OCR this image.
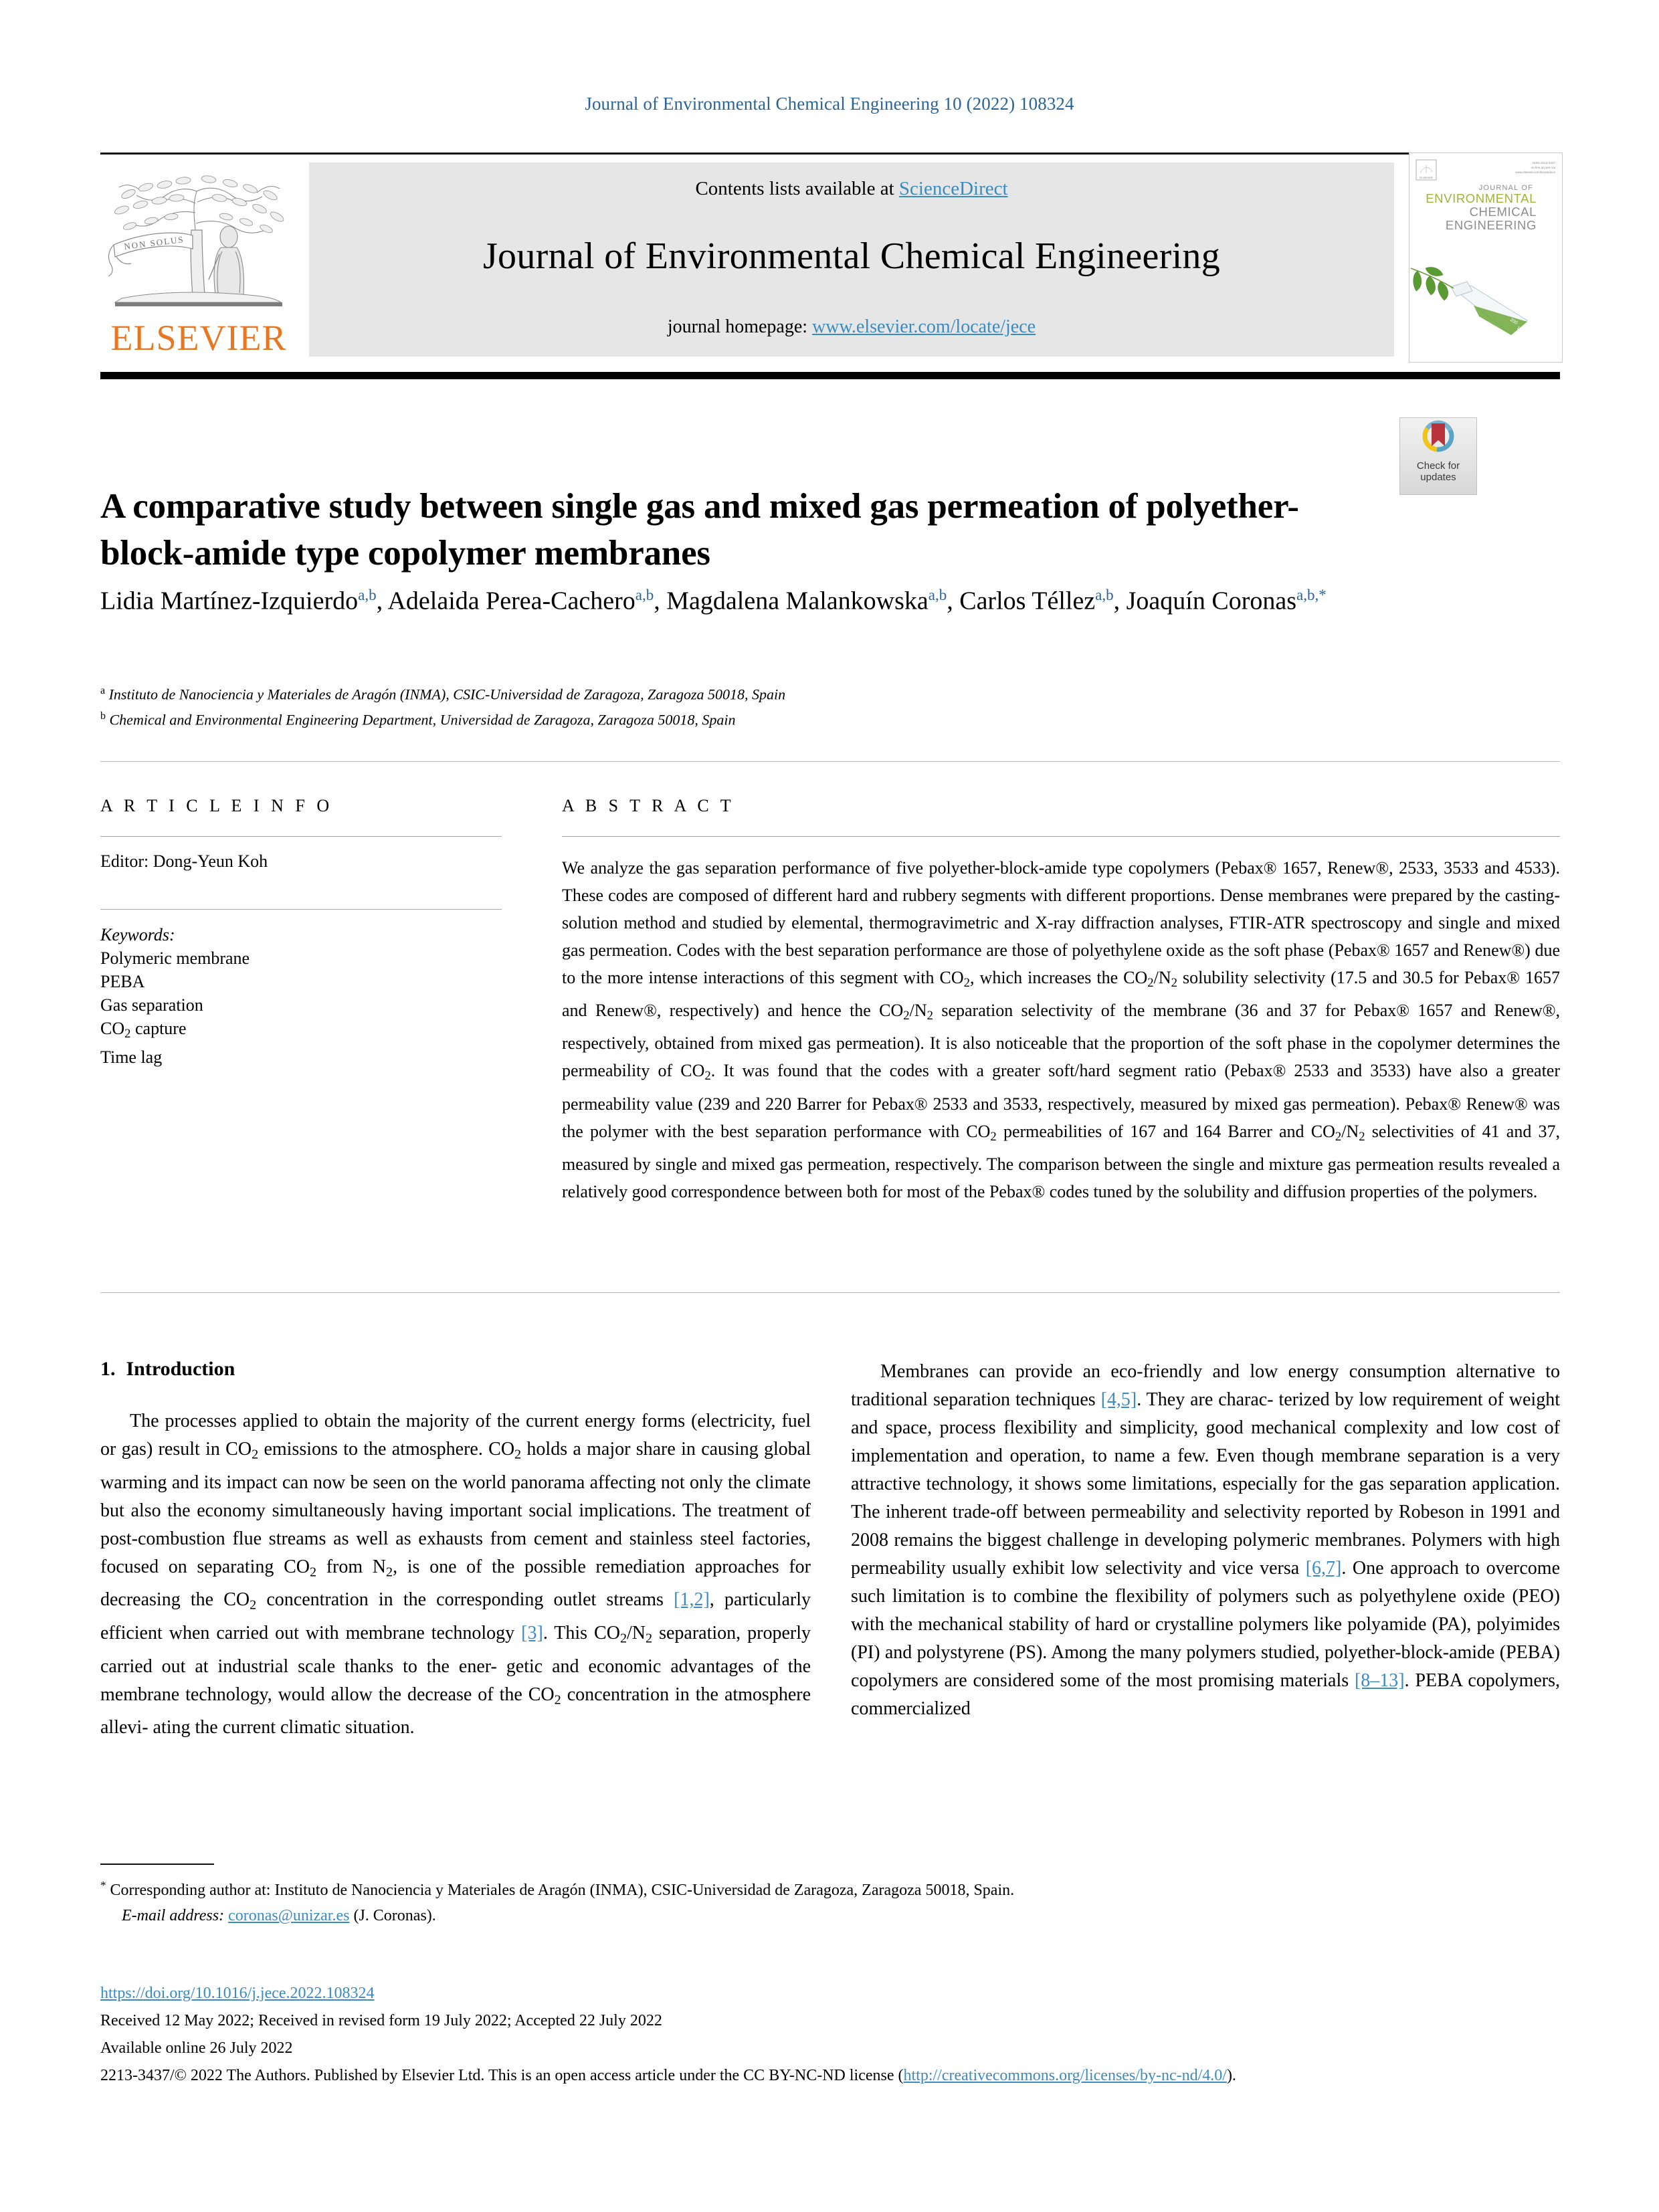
Journal of Environmental Chemical Engineering 10 (2022) 108324
NON SOLUS
ELSEVIER
Contents lists available at ScienceDirect
Journal of Environmental Chemical Engineering
journal homepage: www.elsevier.com/locate/jece
ELSEVIER
ISSN 2213-3437
on-line access via
www.elsevier.com/locate/jece
JOURNAL OF
ENVIRONMENTAL
CHEMICAL
ENGINEERING
200
150
Check for
updates
A comparative study between single gas and mixed gas permeation of polyether-block-amide type copolymer membranes
Lidia Martínez-Izquierdo$^{a,b}$, Adelaida Perea-Cachero$^{a,b}$, Magdalena Malankowska$^{a,b}$, Carlos Téllez$^{a,b}$, Joaquín Coronas$^{a,b,*}$
$^a$ Instituto de Nanociencia y Materiales de Aragón (INMA), CSIC-Universidad de Zaragoza, Zaragoza 50018, Spain
$^b$ Chemical and Environmental Engineering Department, Universidad de Zaragoza, Zaragoza 50018, Spain
A R T I C L E I N F O
Editor: Dong-Yeun Koh
Keywords:
Polymeric membrane
PEBA
Gas separation
$CO_2$ capture
Time lag
A B S T R A C T
We analyze the gas separation performance of five polyether-block-amide type copolymers (Pebax® 1657, Renew®, 2533, 3533 and 4533). These codes are composed of different hard and rubbery segments with different proportions. Dense membranes were prepared by the casting-solution method and studied by elemental, thermogravimetric and X-ray diffraction analyses, FTIR-ATR spectroscopy and single and mixed gas permeation. Codes with the best separation performance are those of polyethylene oxide as the soft phase (Pebax® 1657 and Renew®) due to the more intense interactions of this segment with $CO_2$, which increases the $CO_2/N_2$ solubility selectivity (17.5 and 30.5 for Pebax® 1657 and Renew®, respectively) and hence the $CO_2/N_2$ separation selectivity of the membrane (36 and 37 for Pebax® 1657 and Renew®, respectively, obtained from mixed gas permeation). It is also noticeable that the proportion of the soft phase in the copolymer determines the permeability of $CO_2$. It was found that the codes with a greater soft/hard segment ratio (Pebax® 2533 and 3533) have also a greater permeability value (239 and 220 Barrer for Pebax® 2533 and 3533, respectively, measured by mixed gas permeation). Pebax® Renew® was the polymer with the best separation performance with $CO_2$ permeabilities of 167 and 164 Barrer and $CO_2/N_2$ selectivities of 41 and 37, measured by single and mixed gas permeation, respectively. The comparison between the single and mixture gas permeation results revealed a relatively good correspondence between both for most of the Pebax® codes tuned by the solubility and diffusion properties of the polymers.
1. Introduction

The processes applied to obtain the majority of the current energy forms (electricity, fuel or gas) result in $CO_2$ emissions to the atmosphere. $CO_2$ holds a major share in causing global warming and its impact can now be seen on the world panorama affecting not only the climate but also the economy simultaneously having important social implications. The treatment of post-combustion flue streams as well as exhausts from cement and stainless steel factories, focused on separating $CO_2$ from $N_2$, is one of the possible remediation approaches for decreasing the $CO_2$ concentration in the corresponding outlet streams [1,2], particularly efficient when carried out with membrane technology [3]. This $CO_2/N_2$ separation, properly carried out at industrial scale thanks to the ener- getic and economic advantages of the membrane technology, would allow the decrease of the $CO_2$ concentration in the atmosphere allevi- ating the current climatic situation.

Membranes can provide an eco-friendly and low energy consumption alternative to traditional separation techniques [4,5]. They are charac- terized by low requirement of weight and space, process flexibility and simplicity, good mechanical complexity and low cost of implementation and operation, to name a few. Even though membrane separation is a very attractive technology, it shows some limitations, especially for the gas separation application. The inherent trade-off between permeability and selectivity reported by Robeson in 1991 and 2008 remains the biggest challenge in developing polymeric membranes. Polymers with high permeability usually exhibit low selectivity and vice versa [6,7]. One approach to overcome such limitation is to combine the flexibility of polymers such as polyethylene oxide (PEO) with the mechanical stability of hard or crystalline polymers like polyamide (PA), polyimides (PI) and polystyrene (PS). Among the many polymers studied, polyether-block-amide (PEBA) copolymers are considered some of the most promising materials [8–13]. PEBA copolymers, commercialized

* Corresponding author at: Instituto de Nanociencia y Materiales de Aragón (INMA), CSIC-Universidad de Zaragoza, Zaragoza 50018, Spain.
E-mail address: coronas@unizar.es (J. Coronas).
https://doi.org/10.1016/j.jece.2022.108324
Received 12 May 2022; Received in revised form 19 July 2022; Accepted 22 July 2022
Available online 26 July 2022
2213-3437/© 2022 The Authors. Published by Elsevier Ltd. This is an open access article under the CC BY-NC-ND license (http://creativecommons.org/licenses/by-nc-nd/4.0/).
